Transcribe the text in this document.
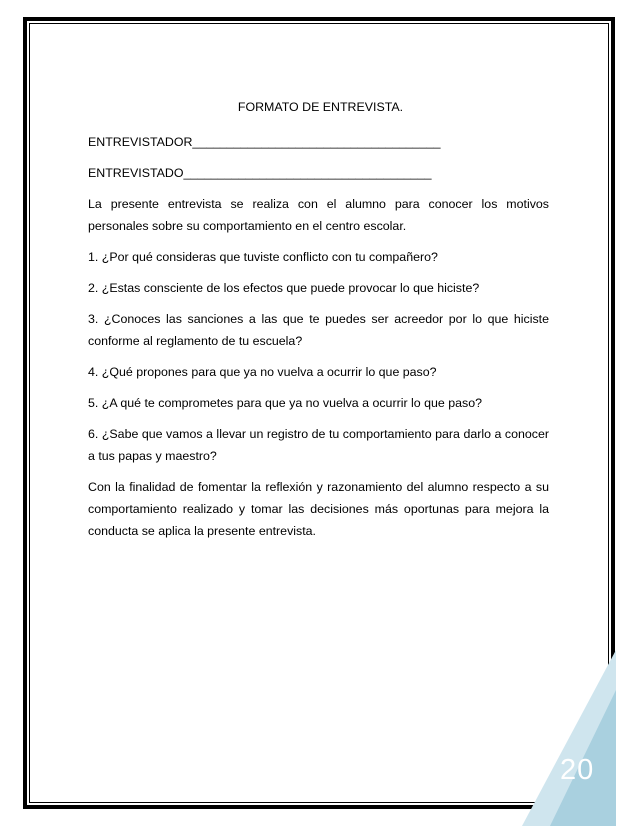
20
FORMATO DE ENTREVISTA.
ENTREVISTADOR____________________________________
ENTREVISTADO____________________________________
La presente entrevista se realiza con el alumno para conocer los motivos personales sobre su comportamiento en el centro escolar.
1. ¿Por qué consideras que tuviste conflicto con tu compañero?
2. ¿Estas consciente de los efectos que puede provocar lo que hiciste?
3. ¿Conoces las sanciones a las que te puedes ser acreedor por lo que hiciste conforme al reglamento de tu escuela?
4. ¿Qué propones para que ya no vuelva a ocurrir lo que paso?
5. ¿A qué te comprometes para que ya no vuelva a ocurrir lo que paso?
6. ¿Sabe que vamos a llevar un registro de tu comportamiento para darlo a conocer a tus papas y maestro?
Con la finalidad de fomentar la reflexión y razonamiento del alumno respecto a su comportamiento realizado y tomar las decisiones más oportunas para mejora la conducta se aplica la presente entrevista.
